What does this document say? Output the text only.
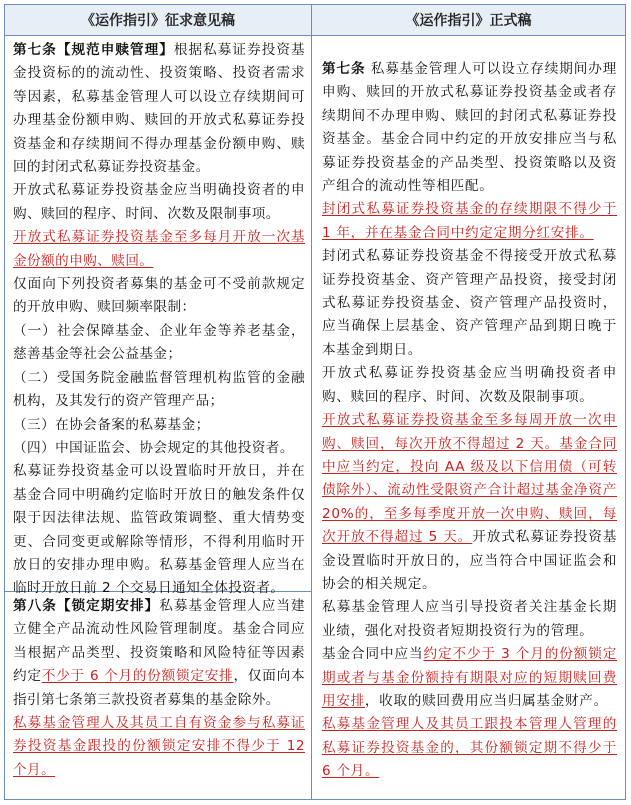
《运作指引》征求意见稿	《运作指引》正式稿

第七条【规范申赎管理】根据私募证券投资基金投资标的的流动性、投资策略、投资者需求等因素，私募基金管理人可以设立存续期间可办理基金份额申购、赎回的开放式私募证券投资基金和存续期间不得办理基金份额申购、赎回的封闭式私募证券投资基金。

开放式私募证券投资基金应当明确投资者的申购、赎回的程序、时间、次数及限制事项。

开放式私募证券投资基金至多每月开放一次基金份额的申购、赎回。

仅面向下列投资者募集的基金可不受前款规定的开放申购、赎回频率限制：

（一）社会保障基金、企业年金等养老基金，慈善基金等社会公益基金；

（二）受国务院金融监督管理机构监管的金融机构，及其发行的资产管理产品；

（三）在协会备案的私募基金；

（四）中国证监会、协会规定的其他投资者。

私募证券投资基金可以设置临时开放日，并在基金合同中明确约定临时开放日的触发条件仅限于因法律法规、监管政策调整、重大情势变更、合同变更或解除等情形，不得利用临时开放日的安排办理申购。私募基金管理人应当在临时开放日前 2 个交易日通知全体投资者。

第八条【锁定期安排】私募基金管理人应当建立健全产品流动性风险管理制度。基金合同应当根据产品类型、投资策略和风险特征等因素约定不少于 6 个月的份额锁定安排，仅面向本指引第七条第三款投资者募集的基金除外。

私募基金管理人及其员工自有资金参与私募证券投资基金跟投的份额锁定安排不得少于 12 个月。

第七条 私募基金管理人可以设立存续期间办理申购、赎回的开放式私募证券投资基金或者存续期间不办理申购、赎回的封闭式私募证券投资基金。基金合同中约定的开放安排应当与私募证券投资基金的产品类型、投资策略以及资产组合的流动性等相匹配。

封闭式私募证券投资基金的存续期限不得少于 1 年，并在基金合同中约定定期分红安排。

封闭式私募证券投资基金不得接受开放式私募证券投资基金、资产管理产品投资，接受封闭式私募证券投资基金、资产管理产品投资时，应当确保上层基金、资产管理产品到期日晚于本基金到期日。

开放式私募证券投资基金应当明确投资者申购、赎回的程序、时间、次数及限制事项。

开放式私募证券投资基金至多每周开放一次申购、赎回，每次开放不得超过 2 天。基金合同中应当约定，投向 AA 级及以下信用债（可转债除外）、流动性受限资产合计超过基金净资产 20%的，至多每季度开放一次申购、赎回，每次开放不得超过 5 天。开放式私募证券投资基金设置临时开放日的，应当符合中国证监会和协会的相关规定。

私募基金管理人应当引导投资者关注基金长期业绩，强化对投资者短期投资行为的管理。

基金合同中应当约定不少于 3 个月的份额锁定期或者与基金份额持有期限对应的短期赎回费用安排，收取的赎回费用应当归属基金财产。

私募基金管理人及其员工跟投本管理人管理的私募证券投资基金的，其份额锁定期不得少于 6 个月。
